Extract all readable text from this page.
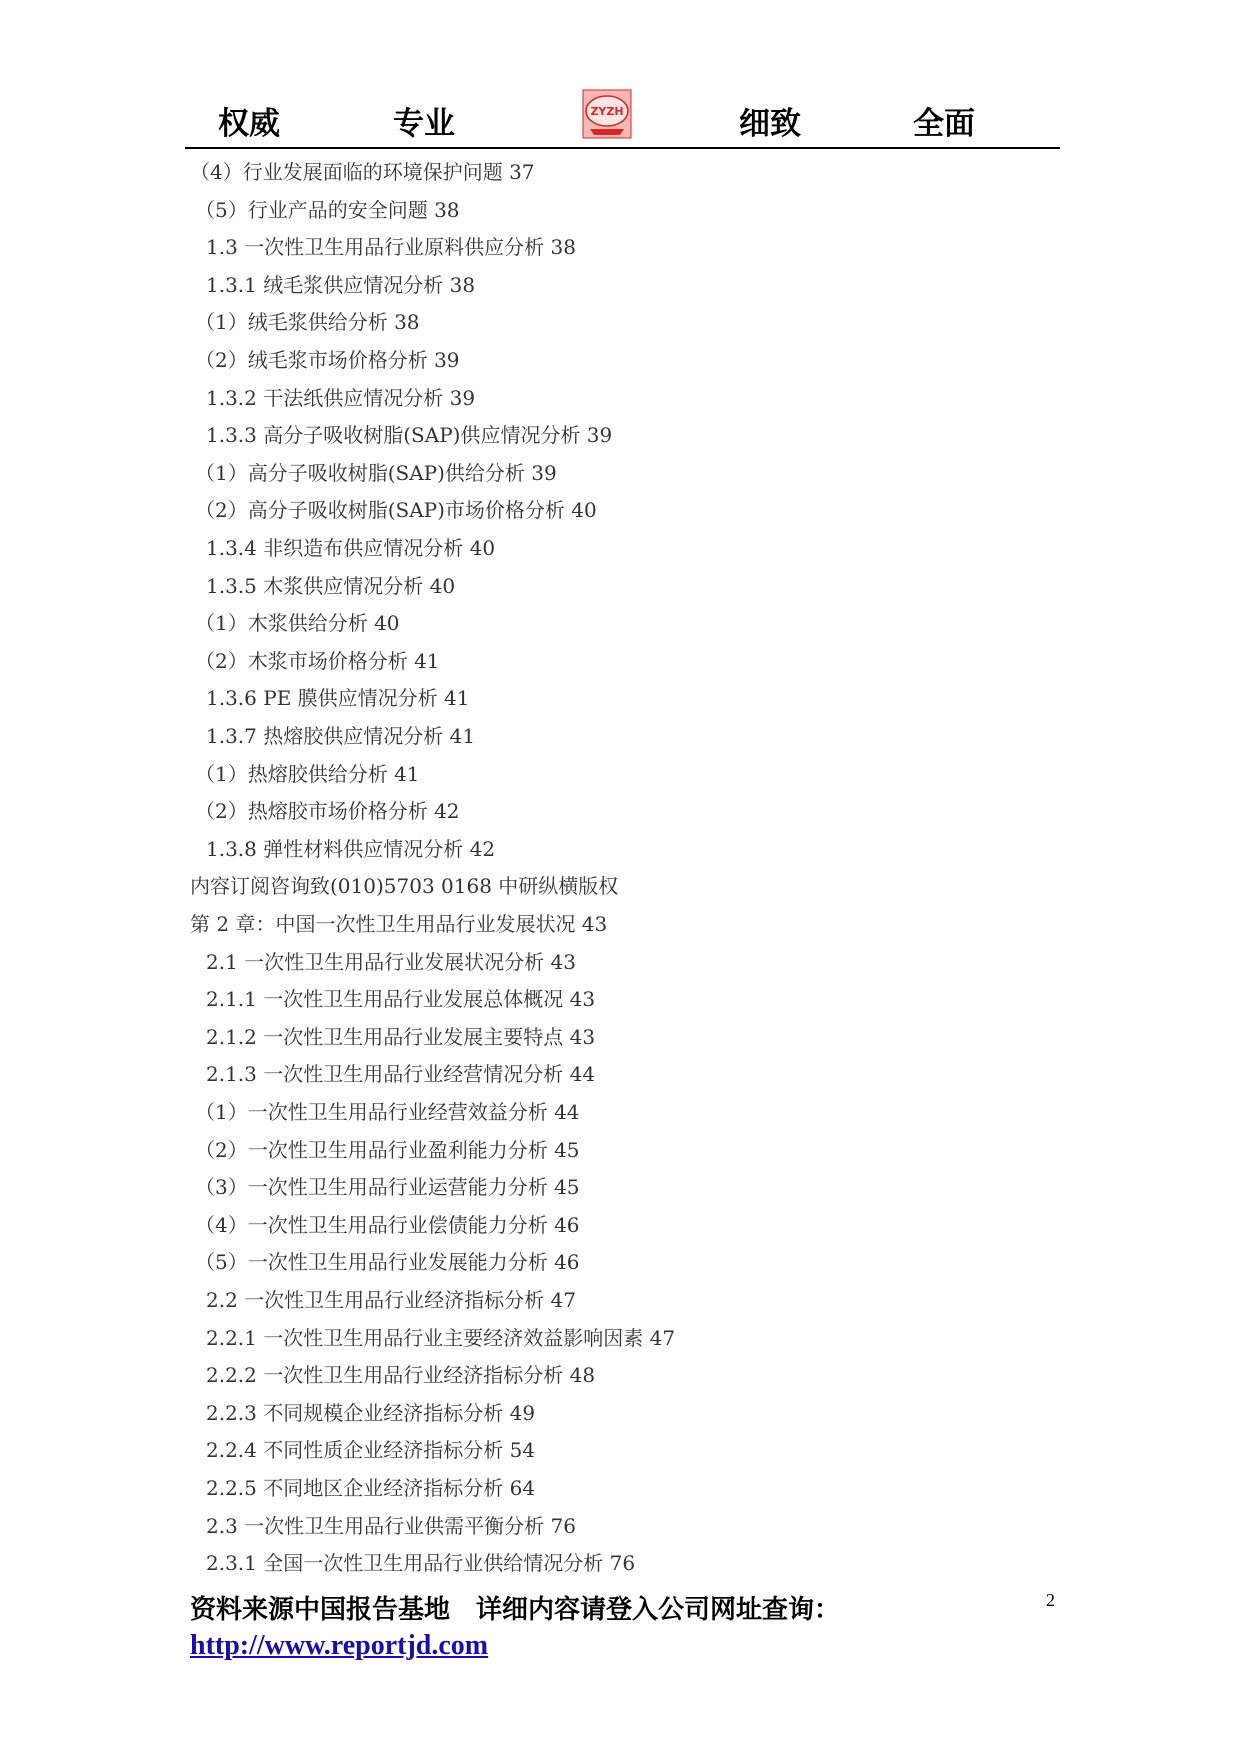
权威	专业	细致	全面
ZYZH
（4）行业发展面临的环境保护问题 37
（5）行业产品的安全问题 38
1.3 一次性卫生用品行业原料供应分析 38
1.3.1 绒毛浆供应情况分析 38
（1）绒毛浆供给分析 38
（2）绒毛浆市场价格分析 39
1.3.2 干法纸供应情况分析 39
1.3.3 高分子吸收树脂(SAP)供应情况分析 39
（1）高分子吸收树脂(SAP)供给分析 39
（2）高分子吸收树脂(SAP)市场价格分析 40
1.3.4 非织造布供应情况分析 40
1.3.5 木浆供应情况分析 40
（1）木浆供给分析 40
（2）木浆市场价格分析 41
1.3.6 PE 膜供应情况分析 41
1.3.7 热熔胶供应情况分析 41
（1）热熔胶供给分析 41
（2）热熔胶市场价格分析 42
1.3.8 弹性材料供应情况分析 42
内容订阅咨询致(010)5703 0168 中研纵横版权
第 2 章：中国一次性卫生用品行业发展状况 43
2.1 一次性卫生用品行业发展状况分析 43
2.1.1 一次性卫生用品行业发展总体概况 43
2.1.2 一次性卫生用品行业发展主要特点 43
2.1.3 一次性卫生用品行业经营情况分析 44
（1）一次性卫生用品行业经营效益分析 44
（2）一次性卫生用品行业盈利能力分析 45
（3）一次性卫生用品行业运营能力分析 45
（4）一次性卫生用品行业偿债能力分析 46
（5）一次性卫生用品行业发展能力分析 46
2.2 一次性卫生用品行业经济指标分析 47
2.2.1 一次性卫生用品行业主要经济效益影响因素 47
2.2.2 一次性卫生用品行业经济指标分析 48
2.2.3 不同规模企业经济指标分析 49
2.2.4 不同性质企业经济指标分析 54
2.2.5 不同地区企业经济指标分析 64
2.3 一次性卫生用品行业供需平衡分析 76
2.3.1 全国一次性卫生用品行业供给情况分析 76
资料来源中国报告基地　详细内容请登入公司网址查询：
http://www.reportjd.com
2
